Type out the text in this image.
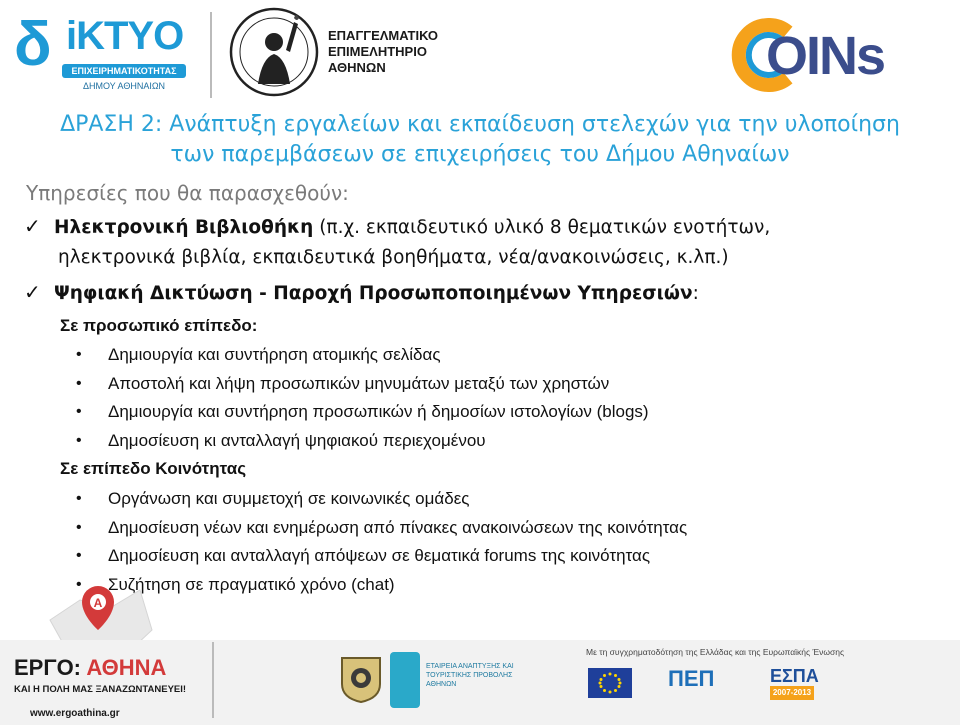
δ iKTYO
ΕΠΙΧΕΙΡΗΜΑΤΙΚΟΤΗΤΑΣ
ΔΗΜΟΥ ΑΘΗΝΑΙΩΝ
ΕΠΑΓΓΕΛΜΑΤΙΚΟ
ΕΠΙΜΕΛΗΤΗΡΙΟ
ΑΘΗΝΩΝ	OINs
ΔΡΑΣΗ 2: Ανάπτυξη εργαλείων και εκπαίδευση στελεχών για την υλοποίηση
των παρεμβάσεων σε επιχειρήσεις του Δήμου Αθηναίων
Υπηρεσίες που θα παρασχεθούν:
✓ Ηλεκτρονική Βιβλιοθήκη (π.χ. εκπαιδευτικό υλικό 8 θεματικών ενοτήτων,
ηλεκτρονικά βιβλία, εκπαιδευτικά βοηθήματα, νέα/ανακοινώσεις, κ.λπ.)
✓ Ψηφιακή Δικτύωση - Παροχή Προσωποποιημένων Υπηρεσιών:
Σε προσωπικό επίπεδο:
• Δημιουργία και συντήρηση ατομικής σελίδας
• Αποστολή και λήψη προσωπικών μηνυμάτων μεταξύ των χρηστών
• Δημιουργία και συντήρηση προσωπικών ή δημοσίων ιστολογίων (blogs)
• Δημοσίευση κι ανταλλαγή ψηφιακού περιεχομένου
Σε επίπεδο Κοινότητας
A
• Οργάνωση και συμμετοχή σε κοινωνικές ομάδες
• Δημοσίευση νέων και ενημέρωση από πίνακες ανακοινώσεων της κοινότητας
• Δημοσίευση και ανταλλαγή απόψεων σε θεματικά forums της κοινότητας
• Συζήτηση σε πραγματικό χρόνο (chat)
ΕΡΓΟ: ΑΘΗΝΑ
ΚΑΙ Η ΠΟΛΗ ΜΑΣ ΞΑΝΑΖΩΝΤΑΝΕΥΕΙ!
www.ergoathina.gr
ΕΤΑΙΡΕΙΑ ΑΝΑΠΤΥΞΗΣ ΚΑΙ ΤΟΥΡΙΣΤΙΚΗΣ ΠΡΟΒΟΛΗΣ ΑΘΗΝΩΝ
Με τη συγχρηματοδότηση της Ελλάδας και της Ευρωπαϊκής Ένωσης
ΠΕΠ	ΕΣΠΑ
2007-2013
